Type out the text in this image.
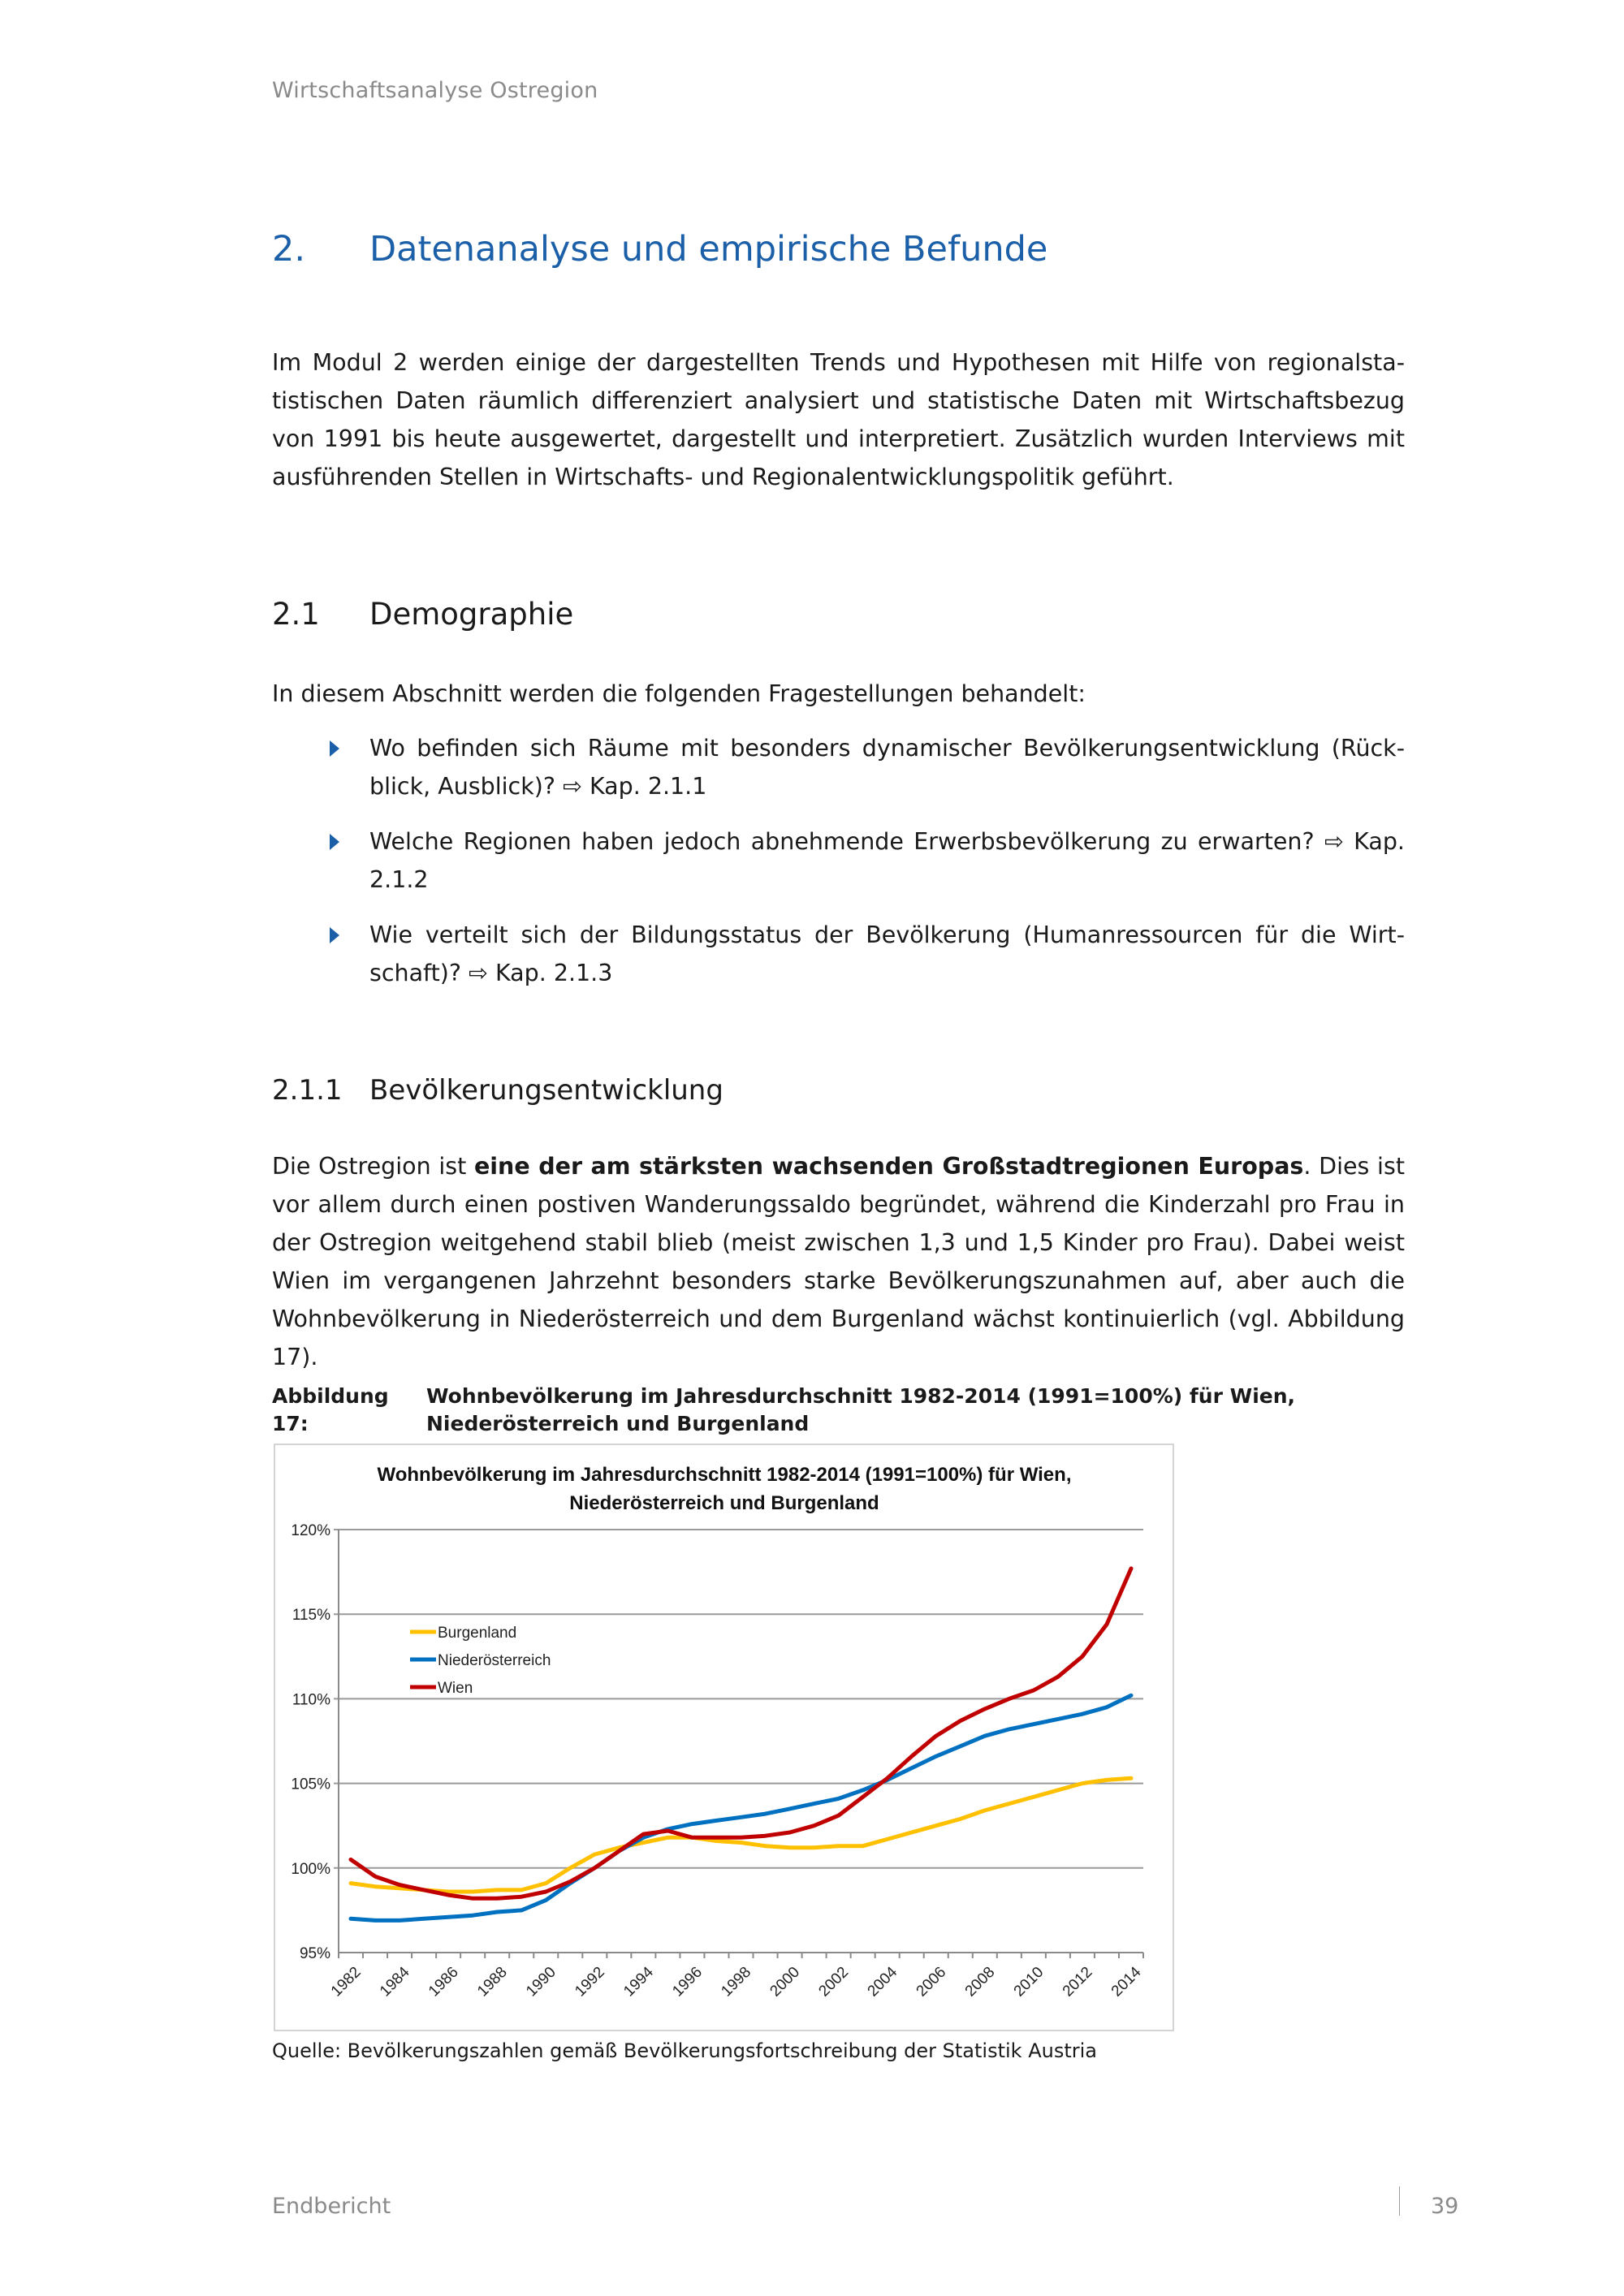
Wirtschaftsanalyse Ostregion
2. Datenanalyse und empirische Befunde
Im Modul 2 werden einige der dargestellten Trends und Hypothesen mit Hilfe von regionalstatistischen Daten räumlich differenziert analysiert und statistische Daten mit Wirtschaftsbezug von 1991 bis heute ausgewertet, dargestellt und interpretiert. Zusätzlich wurden Interviews mit ausführenden Stellen in Wirtschafts- und Regionalentwicklungspolitik geführt.
2.1 Demographie
In diesem Abschnitt werden die folgenden Fragestellungen behandelt:
Wo befinden sich Räume mit besonders dynamischer Bevölkerungsentwicklung (Rückblick, Ausblick)? ⇨ Kap. 2.1.1
Welche Regionen haben jedoch abnehmende Erwerbsbevölkerung zu erwarten? ⇨ Kap. 2.1.2
Wie verteilt sich der Bildungsstatus der Bevölkerung (Humanressourcen für die Wirtschaft)? ⇨ Kap. 2.1.3
2.1.1 Bevölkerungsentwicklung
Die Ostregion ist eine der am stärksten wachsenden Großstadtregionen Europas. Dies ist vor allem durch einen postiven Wanderungssaldo begründet, während die Kinderzahl pro Frau in der Ostregion weitgehend stabil blieb (meist zwischen 1,3 und 1,5 Kinder pro Frau). Dabei weist Wien im vergangenen Jahrzehnt besonders starke Bevölkerungszunahmen auf, aber auch die Wohnbevölkerung in Niederösterreich und dem Burgenland wächst kontinuierlich (vgl. Abbildung 17).
Abbildung 17:Wohnbevölkerung im Jahresdurchschnitt 1982-2014 (1991=100%) für Wien, Niederösterreich und Burgenland
Wohnbevölkerung im Jahresdurchschnitt 1982-2014 (1991=100%) für Wien,
Niederösterreich und Burgenland
95%
100%
105%
110%
115%
120%
1982 1984 1986 1988 1990 1992 1994 1996 1998 2000 2002 2004 2006 2008 2010 2012 2014
Burgenland
Niederösterreich
Wien
Quelle: Bevölkerungszahlen gemäß Bevölkerungsfortschreibung der Statistik Austria
Endbericht	39
